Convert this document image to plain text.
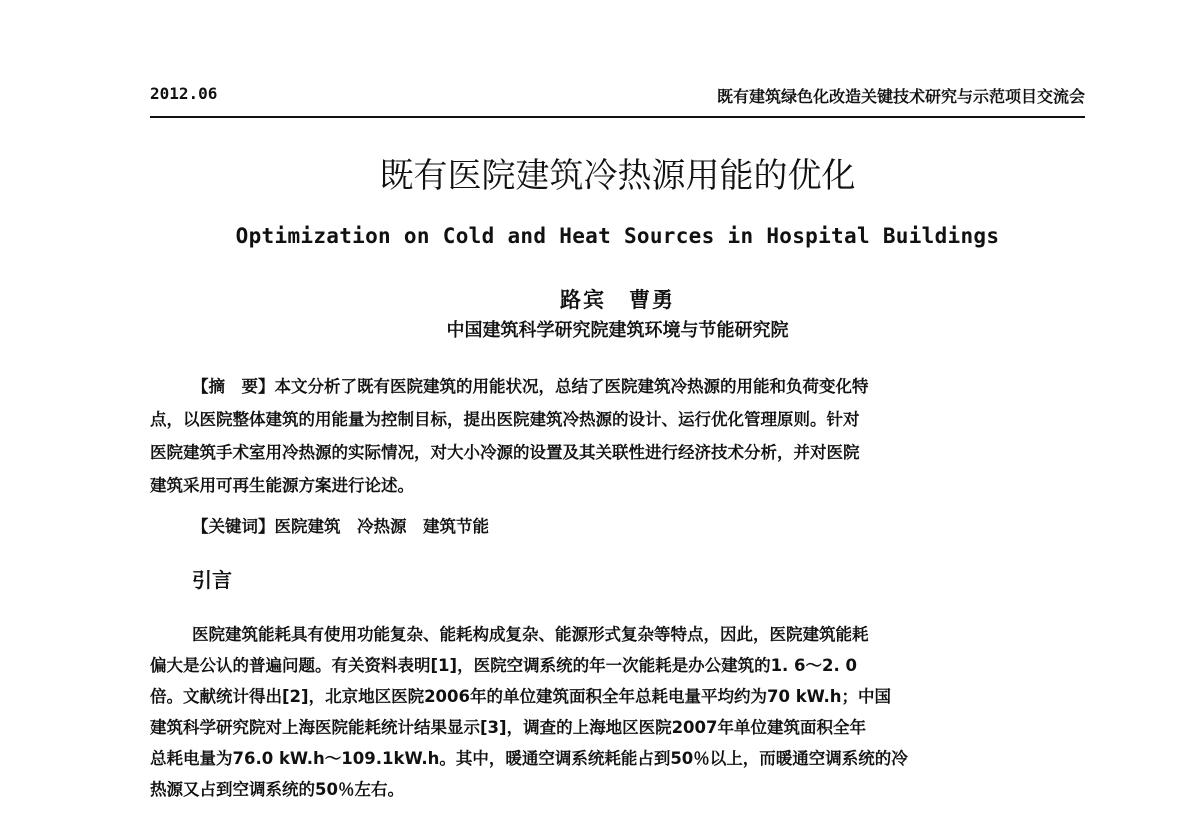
2012.06	既有建筑绿色化改造关键技术研究与示范项目交流会
既有医院建筑冷热源用能的优化
Optimization on Cold and Heat Sources in Hospital Buildings
路宾　曹勇
中国建筑科学研究院建筑环境与节能研究院
【摘　要】本文分析了既有医院建筑的用能状况，总结了医院建筑冷热源的用能和负荷变化特
点，以医院整体建筑的用能量为控制目标，提出医院建筑冷热源的设计、运行优化管理原则。针对
医院建筑手术室用冷热源的实际情况，对大小冷源的设置及其关联性进行经济技术分析，并对医院
建筑采用可再生能源方案进行论述。
【关键词】医院建筑　冷热源　建筑节能
引言
医院建筑能耗具有使用功能复杂、能耗构成复杂、能源形式复杂等特点，因此，医院建筑能耗
偏大是公认的普遍问题。有关资料表明[1]，医院空调系统的年一次能耗是办公建筑的1. 6～2. 0
倍。文献统计得出[2]，北京地区医院2006年的单位建筑面积全年总耗电量平均约为70 kW.h；中国
建筑科学研究院对上海医院能耗统计结果显示[3]，调查的上海地区医院2007年单位建筑面积全年
总耗电量为76.0 kW.h～109.1kW.h。其中，暖通空调系统耗能占到50％以上，而暖通空调系统的冷
热源又占到空调系统的50％左右。
